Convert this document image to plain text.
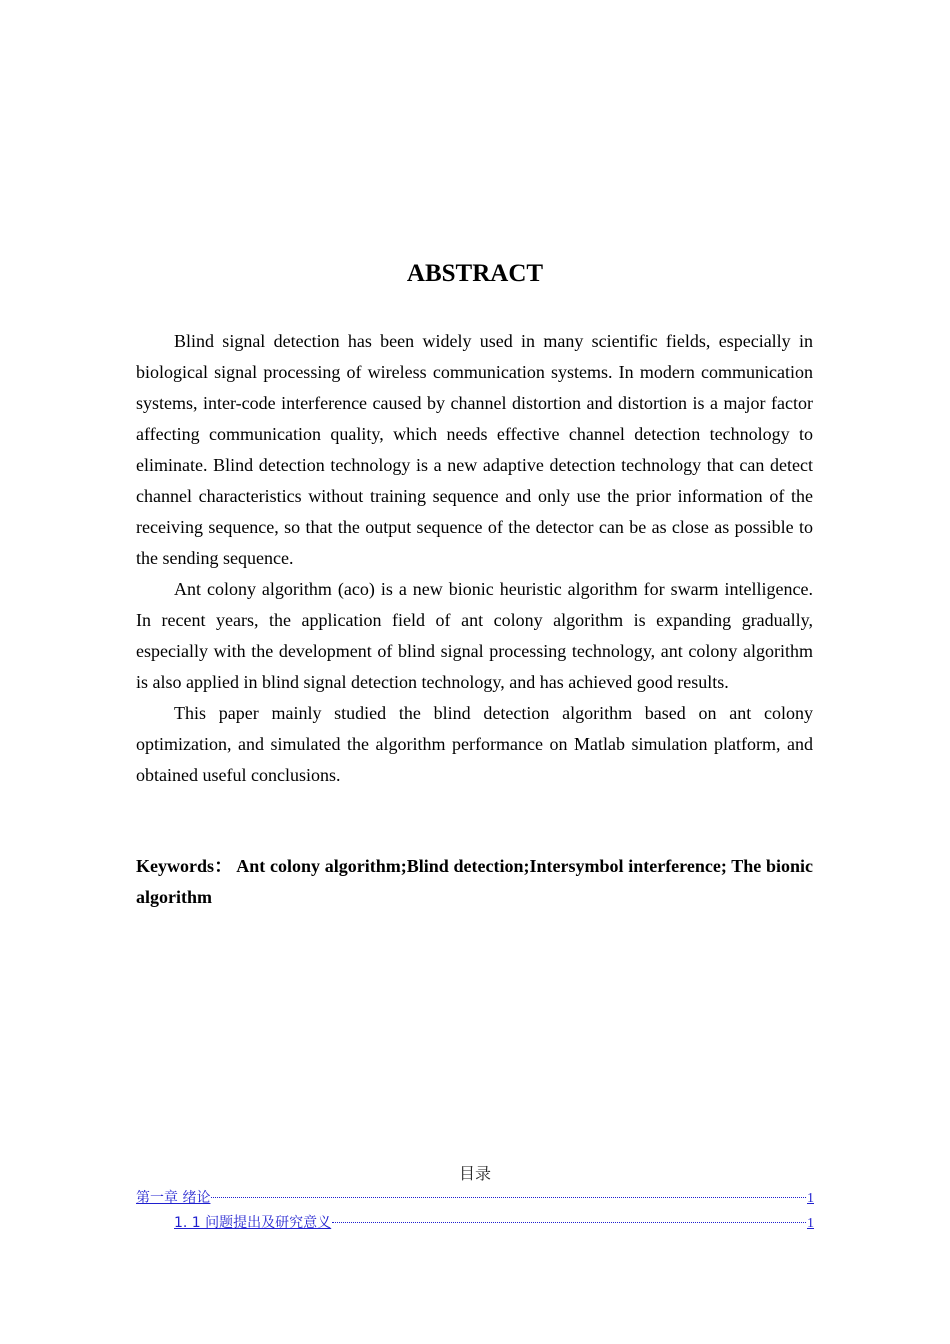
ABSTRACT

Blind signal detection has been widely used in many scientific fields, especially in biological signal processing of wireless communication systems. In modern communication systems, inter-code interference caused by channel distortion and distortion is a major factor affecting communication quality, which needs effective channel detection technology to eliminate. Blind detection technology is a new adaptive detection technology that can detect channel characteristics without training sequence and only use the prior information of the receiving sequence, so that the output sequence of the detector can be as close as possible to the sending sequence.

Ant colony algorithm (aco) is a new bionic heuristic algorithm for swarm intelligence. In recent years, the application field of ant colony algorithm is expanding gradually, especially with the development of blind signal processing technology, ant colony algorithm is also applied in blind signal detection technology, and has achieved good results.

This paper mainly studied the blind detection algorithm based on ant colony optimization, and simulated the algorithm performance on Matlab simulation platform, and obtained useful conclusions.

Keywords： Ant colony algorithm;Blind detection;Intersymbol interference; The bionic algorithm

目录
第一章 绪论	1
1. 1 问题提出及研究意义	1
